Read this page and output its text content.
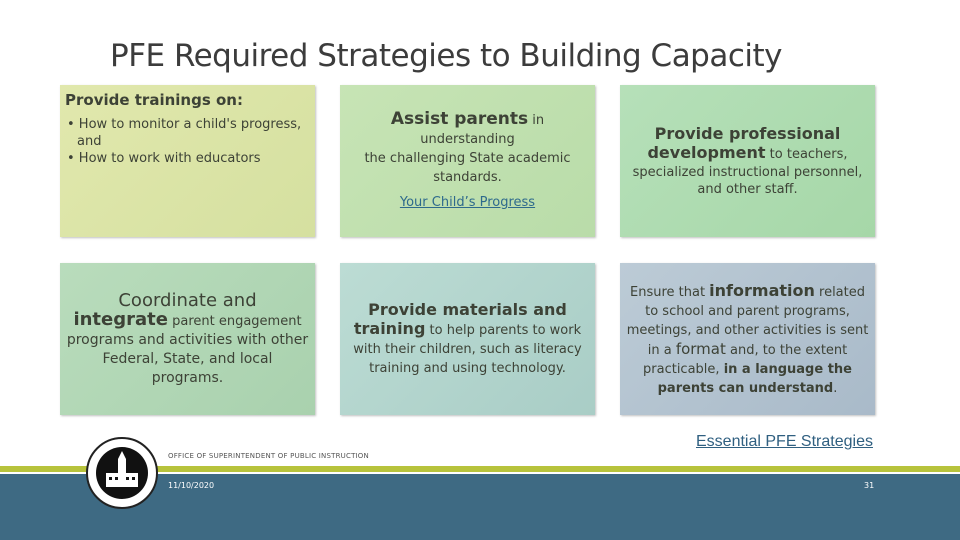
PFE Required Strategies to Building Capacity
Provide trainings on:
• How to monitor a child's progress, and
• How to work with educators
Assist parents in understanding
the challenging State academic standards.
Your Child’s Progress
Provide professional
development to teachers,
specialized instructional personnel, and other staff.
Coordinate and
integrate parent engagement
programs and activities with other Federal, State, and local programs.
Provide materials and
training to help parents to work
with their children, such as literacy training and using technology.
Ensure that information related to school and parent programs, meetings, and other activities is sent in a format and, to the extent practicable, in a language the parents can understand.
Essential PFE Strategies
OFFICE OF SUPERINTENDENT OF PUBLIC INSTRUCTION
11/10/2020	31
